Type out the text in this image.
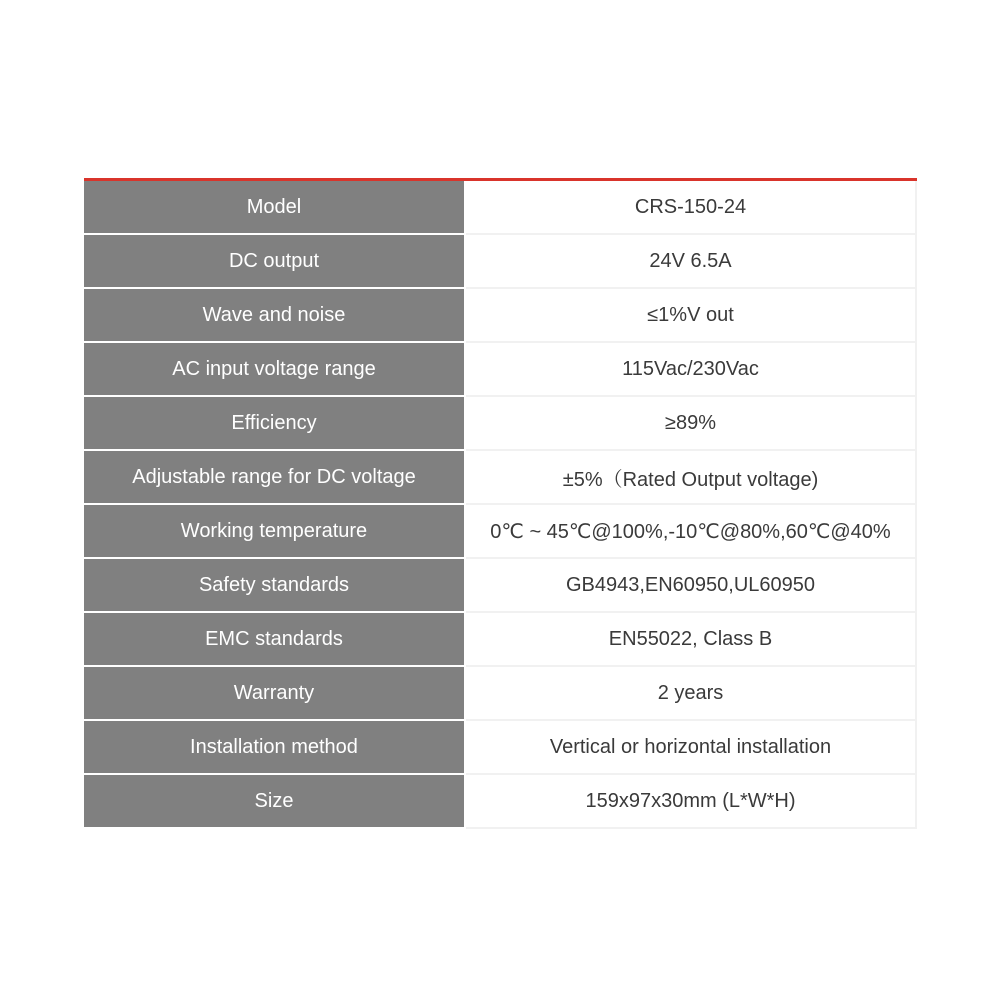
Model	CRS-150-24
DC output	24V 6.5A
Wave and noise	≤1%V out
AC input voltage range	115Vac/230Vac
Efficiency	≥89%
Adjustable range for DC voltage	±5%（Rated Output voltage)
Working temperature	0℃ ~ 45℃@100%,-10℃@80%,60℃@40%
Safety standards	GB4943,EN60950,UL60950
EMC standards	EN55022, Class B
Warranty	2 years
Installation method	Vertical or horizontal installation
Size	159x97x30mm (L*W*H)
